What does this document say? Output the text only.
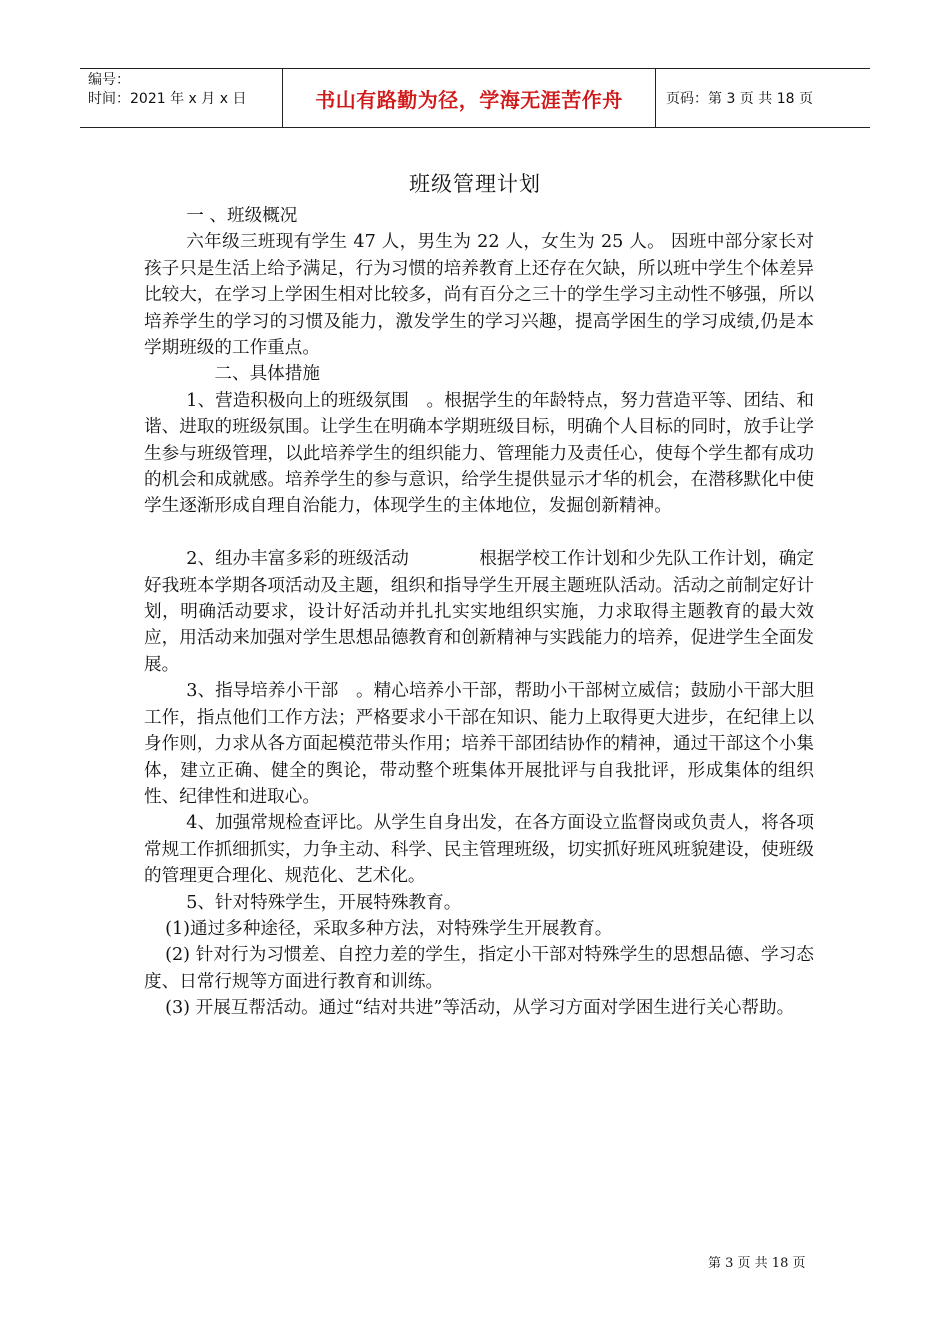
编号：
时间：2021 年 x 月 x 日	书山有路勤为径，学海无涯苦作舟	页码：第 3 页 共 18 页
班级管理计划

一 、班级概况

六年级三班现有学生 47 人，男生为 22 人，女生为 25 人。 因班中部分家长对孩子只是生活上给予满足，行为习惯的培养教育上还存在欠缺，所以班中学生个体差异比较大，在学习上学困生相对比较多，尚有百分之三十的学生学习主动性不够强，所以培养学生的学习的习惯及能力，激发学生的学习兴趣，提高学困生的学习成绩,仍是本学期班级的工作重点。

二、具体措施

1、营造积极向上的班级氛围　。根据学生的年龄特点，努力营造平等、团结、和谐、进取的班级氛围。让学生在明确本学期班级目标，明确个人目标的同时，放手让学生参与班级管理，以此培养学生的组织能力、管理能力及责任心，使每个学生都有成功的机会和成就感。培养学生的参与意识，给学生提供显示才华的机会，在潜移默化中使学生逐渐形成自理自治能力，体现学生的主体地位，发掘创新精神。

2、组办丰富多彩的班级活动　　　　根据学校工作计划和少先队工作计划，确定好我班本学期各项活动及主题，组织和指导学生开展主题班队活动。活动之前制定好计划，明确活动要求，设计好活动并扎扎实实地组织实施，力求取得主题教育的最大效应，用活动来加强对学生思想品德教育和创新精神与实践能力的培养，促进学生全面发展。

3、指导培养小干部　。精心培养小干部，帮助小干部树立威信；鼓励小干部大胆工作，指点他们工作方法；严格要求小干部在知识、能力上取得更大进步，在纪律上以身作则，力求从各方面起模范带头作用；培养干部团结协作的精神，通过干部这个小集体，建立正确、健全的舆论，带动整个班集体开展批评与自我批评，形成集体的组织性、纪律性和进取心。

4、加强常规检查评比。从学生自身出发，在各方面设立监督岗或负责人，将各项常规工作抓细抓实，力争主动、科学、民主管理班级，切实抓好班风班貌建设，使班级的管理更合理化、规范化、艺术化。

5、针对特殊学生，开展特殊教育。

(1)通过多种途径，采取多种方法，对特殊学生开展教育。

(2) 针对行为习惯差、自控力差的学生，指定小干部对特殊学生的思想品德、学习态度、日常行规等方面进行教育和训练。

(3) 开展互帮活动。通过“结对共进”等活动，从学习方面对学困生进行关心帮助。

第 3 页 共 18 页
